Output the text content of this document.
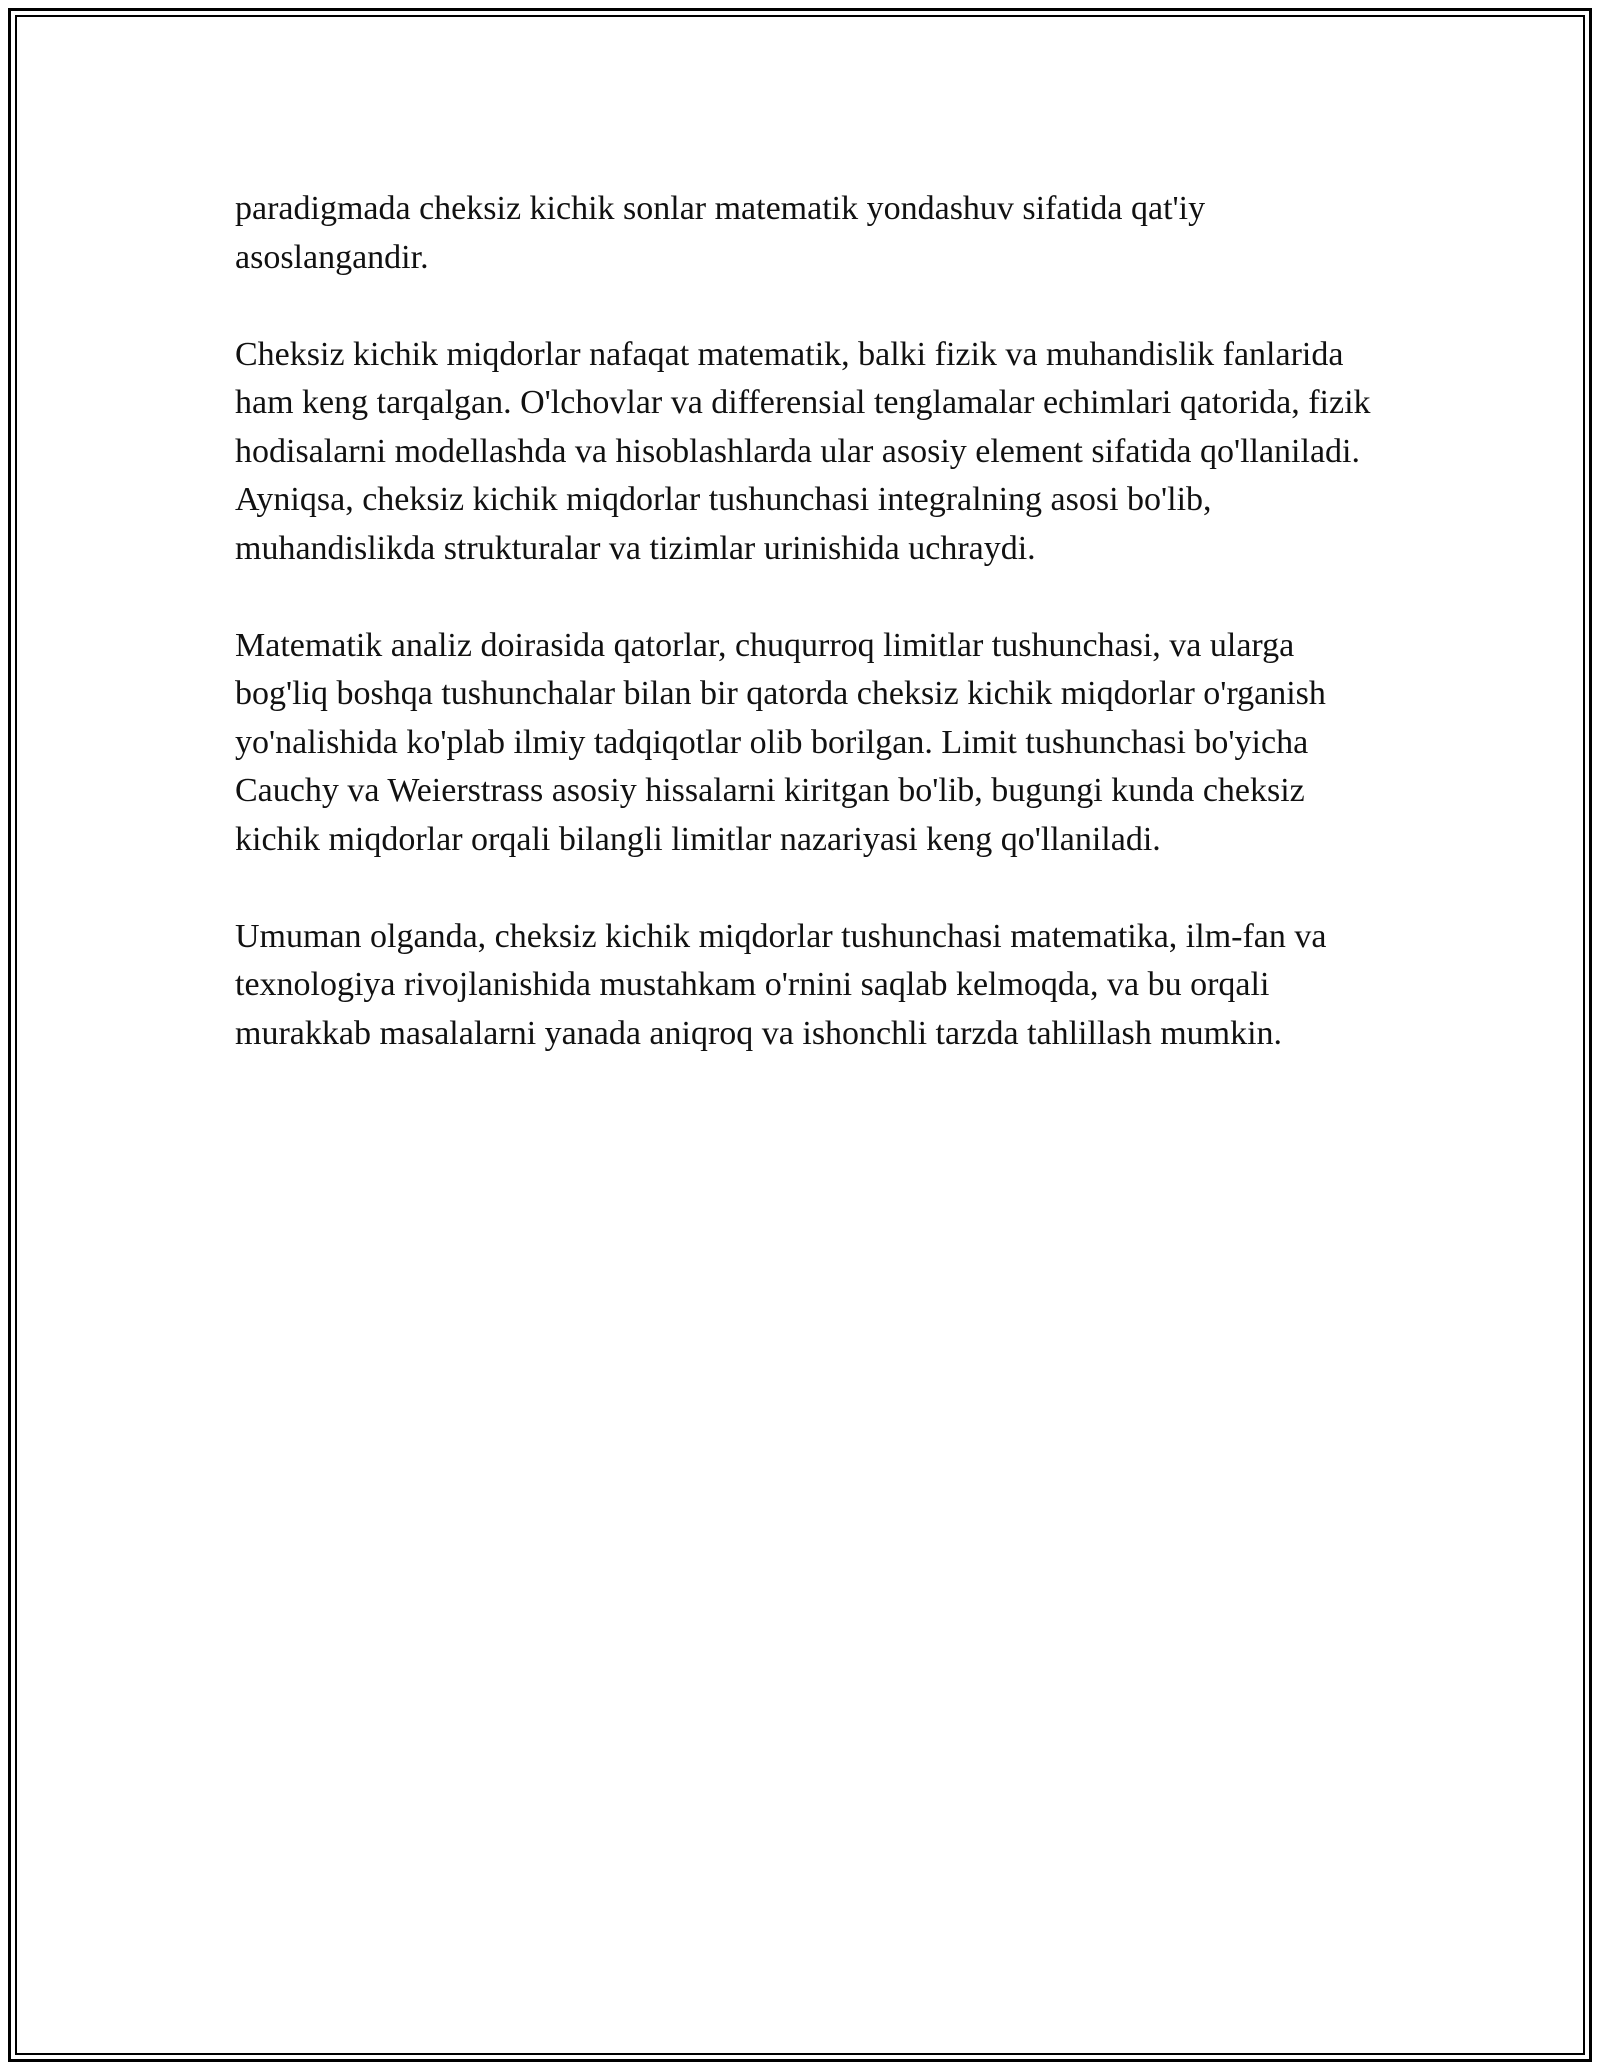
paradigmada cheksiz kichik sonlar matematik yondashuv sifatida qat'iy asoslangandir.

Cheksiz kichik miqdorlar nafaqat matematik, balki fizik va muhandislik fanlarida ham keng tarqalgan. O'lchovlar va differensial tenglamalar echimlari qatorida, fizik hodisalarni modellashda va hisoblashlarda ular asosiy element sifatida qo'llaniladi. Ayniqsa, cheksiz kichik miqdorlar tushunchasi integralning asosi bo'lib, muhandislikda strukturalar va tizimlar urinishida uchraydi.

Matematik analiz doirasida qatorlar, chuqurroq limitlar tushunchasi, va ularga bog'liq boshqa tushunchalar bilan bir qatorda cheksiz kichik miqdorlar o'rganish yo'nalishida ko'plab ilmiy tadqiqotlar olib borilgan. Limit tushunchasi bo'yicha Cauchy va Weierstrass asosiy hissalarni kiritgan bo'lib, bugungi kunda cheksiz kichik miqdorlar orqali bilangli limitlar nazariyasi keng qo'llaniladi.

Umuman olganda, cheksiz kichik miqdorlar tushunchasi matematika, ilm-fan va texnologiya rivojlanishida mustahkam o'rnini saqlab kelmoqda, va bu orqali murakkab masalalarni yanada aniqroq va ishonchli tarzda tahlillash mumkin.
